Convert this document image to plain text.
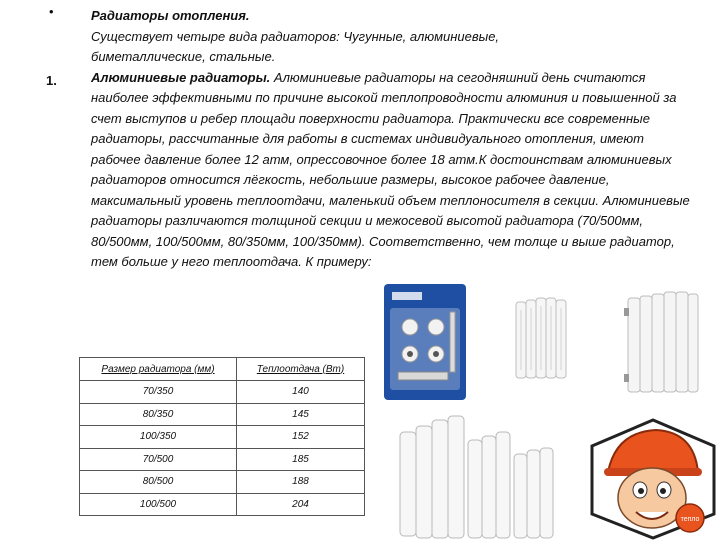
•
1.

Радиаторы отопления.

Существует четыре вида радиаторов: Чугунные, алюминиевые, биметаллические, стальные.

Алюминиевые радиаторы. Алюминиевые радиаторы на сегодняшний день считаются наиболее эффективными по причине высокой теплопроводности алюминия и повышенной за счет выступов и ребер площади поверхности радиатора. Практически все современные радиаторы, рассчитанные для работы в системах индивидуального отопления, имеют рабочее давление более 12 атм, опрессовочное более 18 атм.К достоинствам алюминиевых радиаторов относится лёгкость, небольшие размеры, высокое рабочее давление, максимальный уровень теплоотдачи, маленький объем теплоносителя в секции. Алюминиевые радиаторы различаются толщиной секции и межосевой высотой радиатора (70/500мм, 80/500мм, 100/500мм, 80/350мм, 100/350мм). Соответственно, чем толще и выше радиатор, тем больше у него теплоотдача. К примеру:

Размер радиатора (мм)	Теплоотдача (Вт)
70/350	140
80/350	145
100/350	152
70/500	185
80/500	188
100/500	204
тепло
